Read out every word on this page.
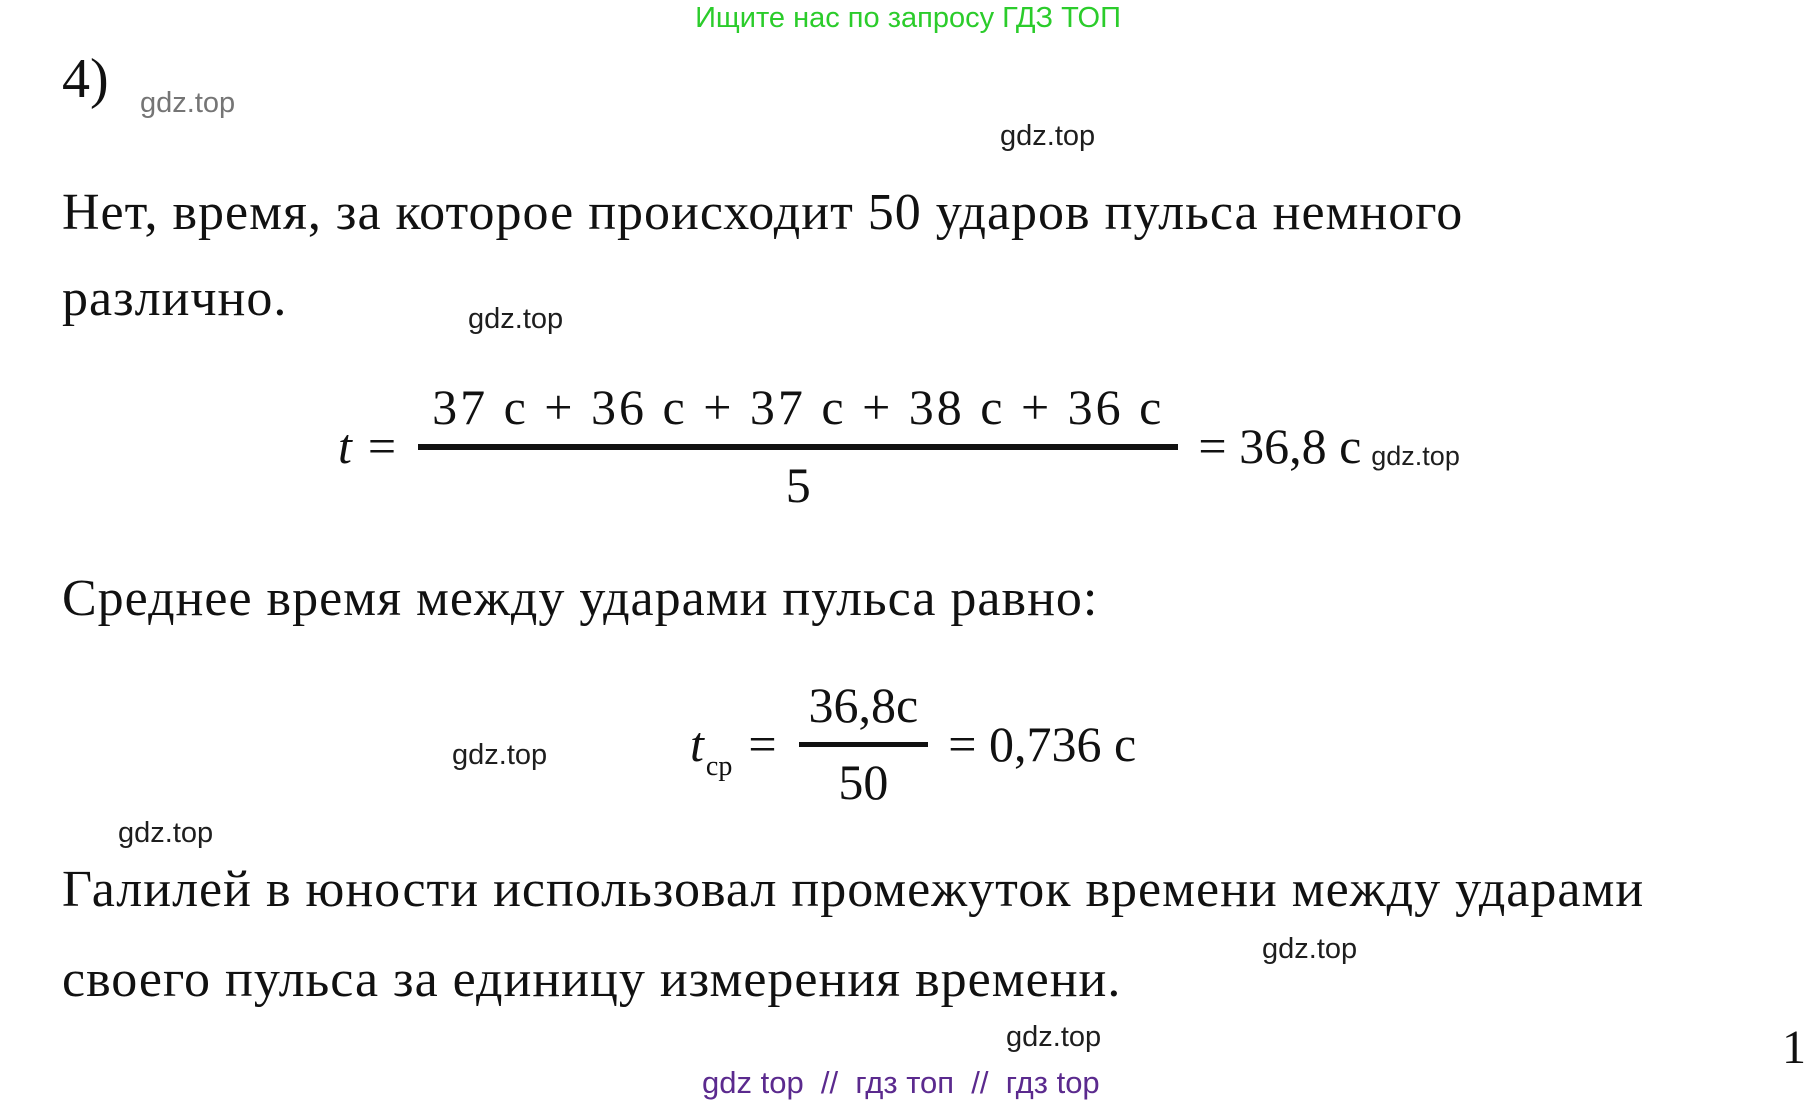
Ищите нас по запросу ГДЗ ТОП
4) gdz.top
gdz.top
Нет, время, за которое происходит 50 ударов пульса немного
различно.	gdz.top
$t = \frac{37 с + 36 с + 37 с + 38 с + 36 с}{5} = 36,8$ с gdz.top
Среднее время между ударами пульса равно:
gdz.top	$t_{ср} = \frac{36,8с}{50} = 0,736$ с
gdz.top
Галилей в юности использовал промежуток времени между ударами
gdz.top
своего пульса за единицу измерения времени.
gdz.top
gdz top  //  гдз топ  //  гдз top
1
